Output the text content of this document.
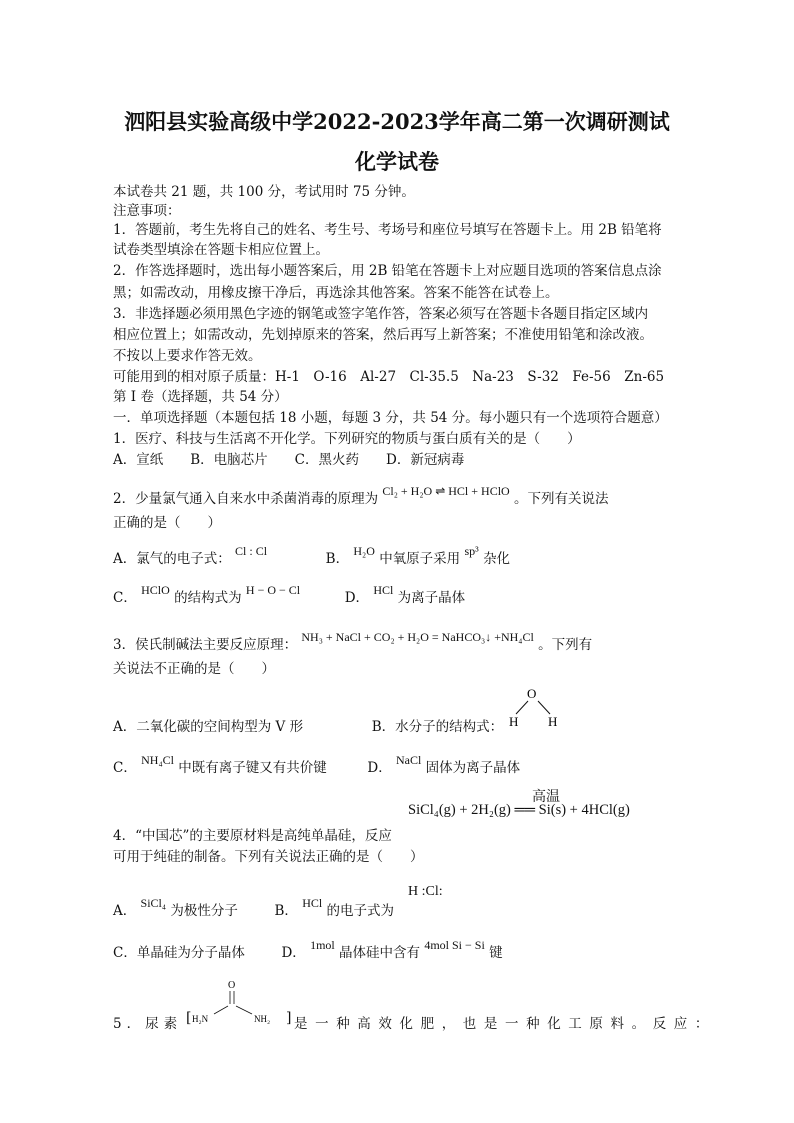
泗阳县实验高级中学2022-2023学年高二第一次调研测试
化学试卷
本试卷共 21 题，共 100 分，考试用时 75 分钟。
注意事项：
1．答题前，考生先将自己的姓名、考生号、考场号和座位号填写在答题卡上。用 2B 铅笔将
试卷类型填涂在答题卡相应位置上。
2．作答选择题时，选出每小题答案后，用 2B 铅笔在答题卡上对应题目选项的答案信息点涂
黑；如需改动，用橡皮擦干净后，再选涂其他答案。答案不能答在试卷上。
3．非选择题必须用黑色字迹的钢笔或签字笔作答，答案必须写在答题卡各题目指定区域内
相应位置上；如需改动，先划掉原来的答案，然后再写上新答案；不准使用铅笔和涂改液。
不按以上要求作答无效。
可能用到的相对原子质量：H-1　O-16　Al-27　Cl-35.5　Na-23　S-32　Fe-56　Zn-65
第 I 卷（选择题，共 54 分）
一．单项选择题（本题包括 18 小题，每题 3 分，共 54 分。每小题只有一个选项符合题意）
1．医疗、科技与生活离不开化学。下列研究的物质与蛋白质有关的是（　　）
A．宣纸　　B．电脑芯片　　C．黑火药　　D．新冠病毒
2．少量氯气通入自来水中杀菌消毒的原理为 Cl₂ + H₂O ⇌ HCl + HClO 。下列有关说法
正确的是（　　）
A．氯气的电子式： Cl : Cl	B． H₂O 中氧原子采用 sp³ 杂化
C． HClO 的结构式为 H − O − Cl	D． HCl 为离子晶体
3．侯氏制碱法主要反应原理： NH₃ + NaCl + CO₂ + H₂O = NaHCO₃↓ +NH₄Cl 。下列有
关说法不正确的是（　　）
O
H H
A．二氧化碳的空间构型为 V 形	B．水分子的结构式：
C． NH₄Cl 中既有离子键又有共价键	D． NaCl 固体为离子晶体
高温
SiCl₄(g) + 2H₂(g) ══ Si(s) + 4HCl(g)
4．“中国芯”的主要原材料是高纯单晶硅，反应
可用于纯硅的制备。下列有关说法正确的是（　　）
A． SiCl₄ 为极性分子	B． HCl 的电子式为
H :Cl:
C．单晶硅为分子晶体	D． 1mol 晶体硅中含有 4mol Si − Si 键
5．尿素 [
O
H₂N	NH₂ ] 是一种高效化肥，也是一种化工原料。反应：
